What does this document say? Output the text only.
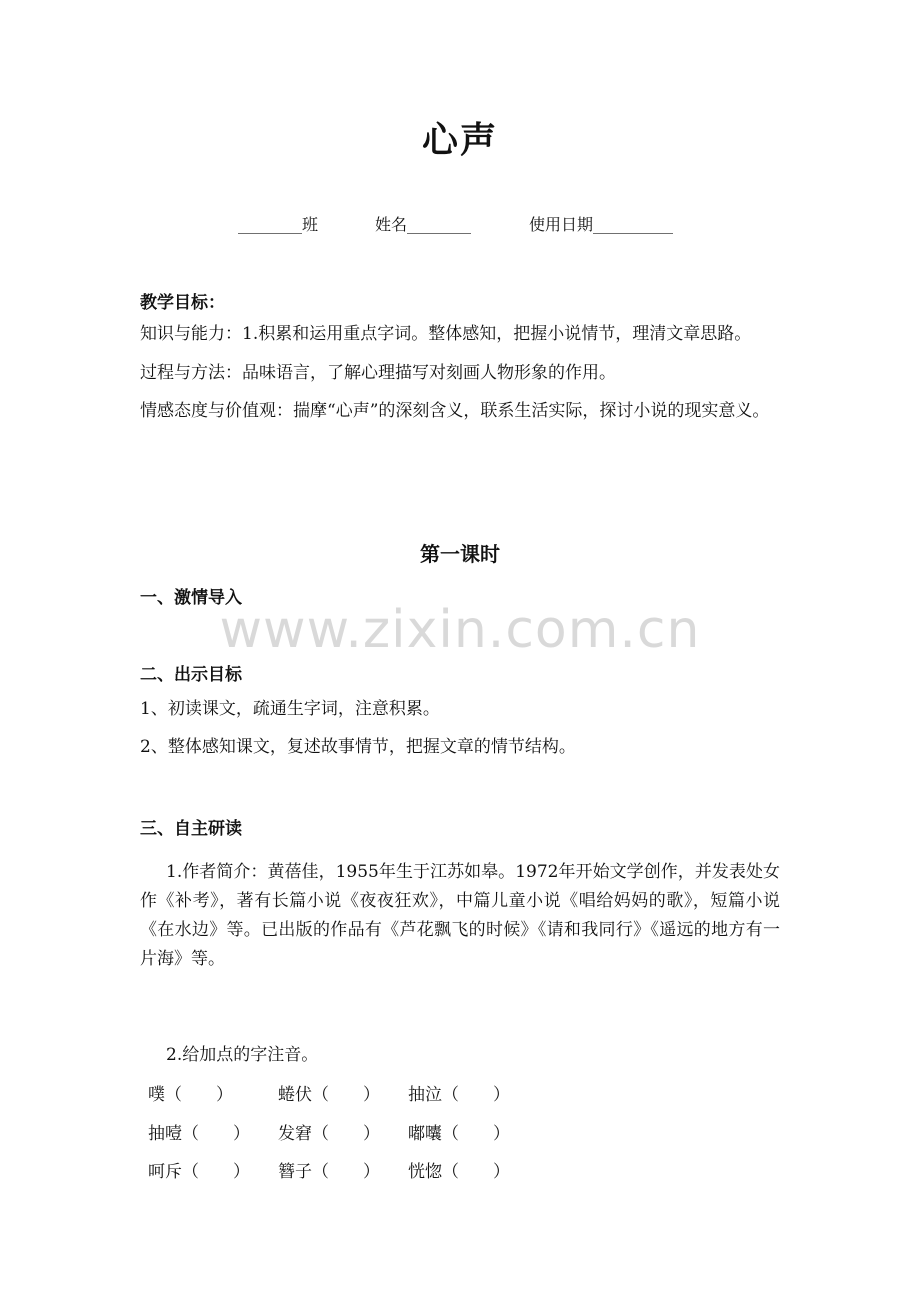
心声
________班	姓名________	使用日期__________
教学目标：
知识与能力：1.积累和运用重点字词。整体感知，把握小说情节，理清文章思路。
过程与方法：品味语言，了解心理描写对刻画人物形象的作用。
情感态度与价值观：揣摩“心声”的深刻含义，联系生活实际，探讨小说的现实意义。
第一课时
www.zixin.com.cn
一、激情导入
二、出示目标
1、初读课文，疏通生字词，注意积累。
2、整体感知课文，复述故事情节，把握文章的情节结构。
三、自主研读
1.作者简介：黄蓓佳，1955年生于江苏如皋。1972年开始文学创作，并发表处女作《补考》，著有长篇小说《夜夜狂欢》，中篇儿童小说《唱给妈妈的歌》，短篇小说《在水边》等。已出版的作品有《芦花飘飞的时候》《请和我同行》《遥远的地方有一片海》等。
2.给加点的字注音。
噗（　　）	蜷伏（　　） 抽泣（　　）
抽噎（　　） 发窘（　　） 嘟囔（　　）
呵斥（　　） 簪子（　　） 恍惚（　　）
